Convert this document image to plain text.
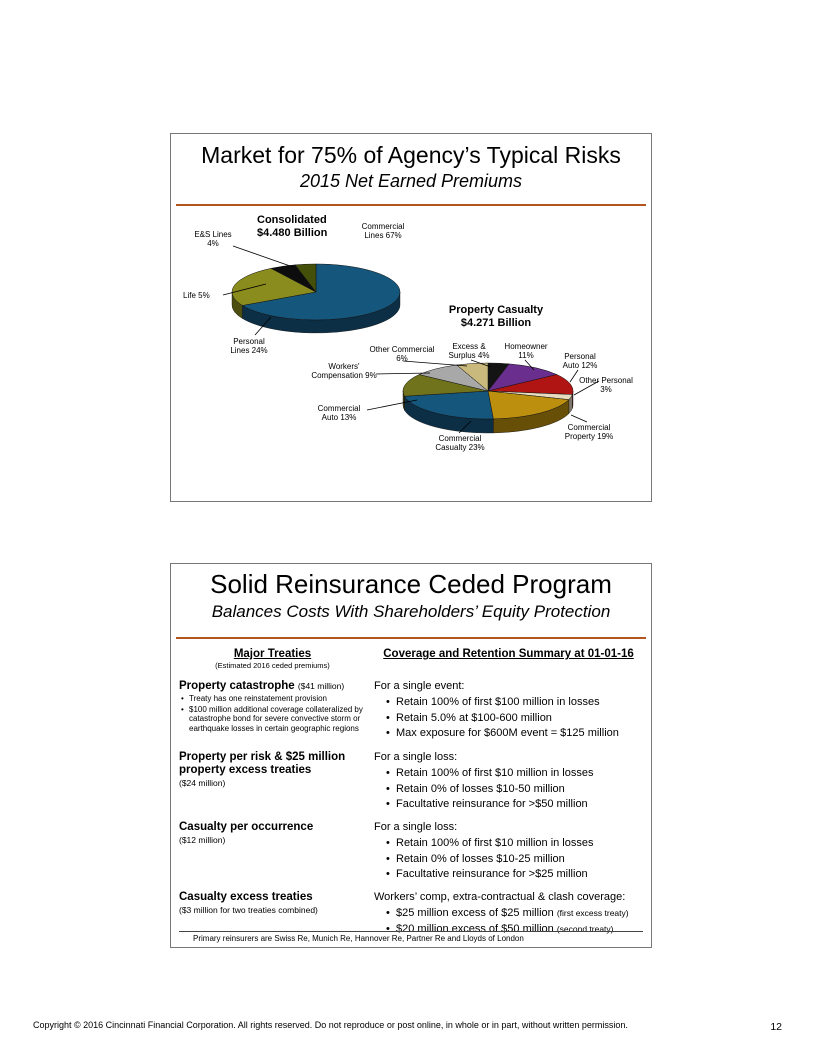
Market for 75% of Agency’s Typical Risks
2015 Net Earned Premiums
Consolidated $4.480 Billion
Commercial Lines 67%
E&S Lines 4%
Life 5%
Personal Lines 24%
Property Casualty $4.271 Billion
Excess & Surplus 4%
Homeowner 11%	Personal Auto 12%
Other Personal 3%
Commercial Property 19%
Commercial Casualty 23%
Commercial Auto 13%
Workers' Compensation 9%
Other Commercial 6%
Solid Reinsurance Ceded Program
Balances Costs With Shareholders’ Equity Protection
Major Treaties
(Estimated 2016 ceded premiums)
Coverage and Retention Summary at 01-01-16
Property catastrophe ($41 million)
• Treaty has one reinstatement provision
• $100 million additional coverage collateralized by catastrophe bond for severe convective storm or earthquake losses in certain geographic regions
For a single event:
• Retain 100% of first $100 million in losses
• Retain 5.0% at $100-600 million
• Max exposure for $600M event = $125 million
Property per risk & $25 million property excess treaties
($24 million)
For a single loss:
• Retain 100% of first $10 million in losses
• Retain 0% of losses $10-50 million
• Facultative reinsurance for >$50 million
Casualty per occurrence
($12 million)
For a single loss:
• Retain 100% of first $10 million in losses
• Retain 0% of losses $10-25 million
• Facultative reinsurance for >$25 million
Casualty excess treaties
($3 million for two treaties combined)
Workers’ comp, extra-contractual & clash coverage:
• $25 million excess of $25 million (first excess treaty)
• $20 million excess of $50 million (second treaty)
Primary reinsurers are Swiss Re, Munich Re, Hannover Re, Partner Re and Lloyds of London
Copyright © 2016 Cincinnati Financial Corporation. All rights reserved. Do not reproduce or post online, in whole or in part, without written permission.	12
